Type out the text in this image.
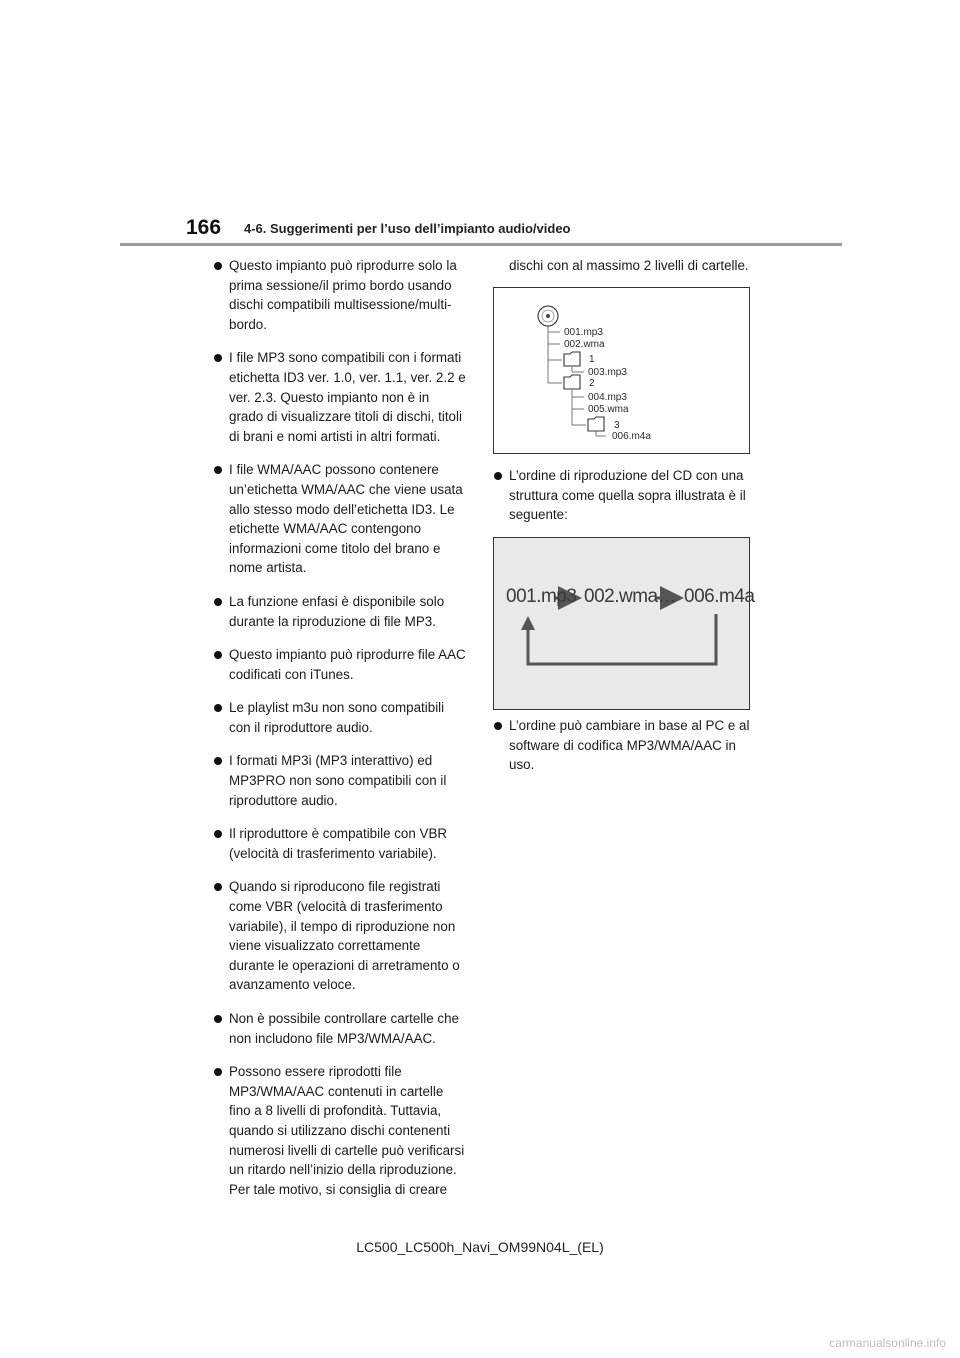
166 4-6. Suggerimenti per l’uso dell’impianto audio/video
Questo impianto può riprodurre solo la prima sessione/il primo bordo usando dischi compatibili multisessione/multi-bordo.
I file MP3 sono compatibili con i formati etichetta ID3 ver. 1.0, ver. 1.1, ver. 2.2 e ver. 2.3. Questo impianto non è in grado di visualizzare titoli di dischi, titoli di brani e nomi artisti in altri formati.
I file WMA/AAC possono contenere un’etichetta WMA/AAC che viene usata allo stesso modo dell’etichetta ID3. Le etichette WMA/AAC contengono informazioni come titolo del brano e nome artista.
La funzione enfasi è disponibile solo durante la riproduzione di file MP3.
Questo impianto può riprodurre file AAC codificati con iTunes.
Le playlist m3u non sono compatibili con il riproduttore audio.
I formati MP3i (MP3 interattivo) ed MP3PRO non sono compatibili con il riproduttore audio.
Il riproduttore è compatibile con VBR (velocità di trasferimento variabile).
Quando si riproducono file registrati come VBR (velocità di trasferimento variabile), il tempo di riproduzione non viene visualizzato correttamente durante le operazioni di arretramento o avanzamento veloce.
Non è possibile controllare cartelle che non includono file MP3/WMA/AAC.
Possono essere riprodotti file MP3/WMA/AAC contenuti in cartelle fino a 8 livelli di profondità. Tuttavia, quando si utilizzano dischi contenenti numerosi livelli di cartelle può verificarsi un ritardo nell’inizio della riproduzione. Per tale motivo, si consiglia di creare
dischi con al massimo 2 livelli di cartelle.
001.mp3
002.wma
1
003.mp3
2
004.mp3
005.wma
3
006.m4a
L’ordine di riproduzione del CD con una struttura come quella sopra illustrata è il seguente:
001.mp3 002.wma… 006.m4a
L’ordine può cambiare in base al PC e al software di codifica MP3/WMA/AAC in uso.
LC500_LC500h_Navi_OM99N04L_(EL)
carmanualsonline.info
